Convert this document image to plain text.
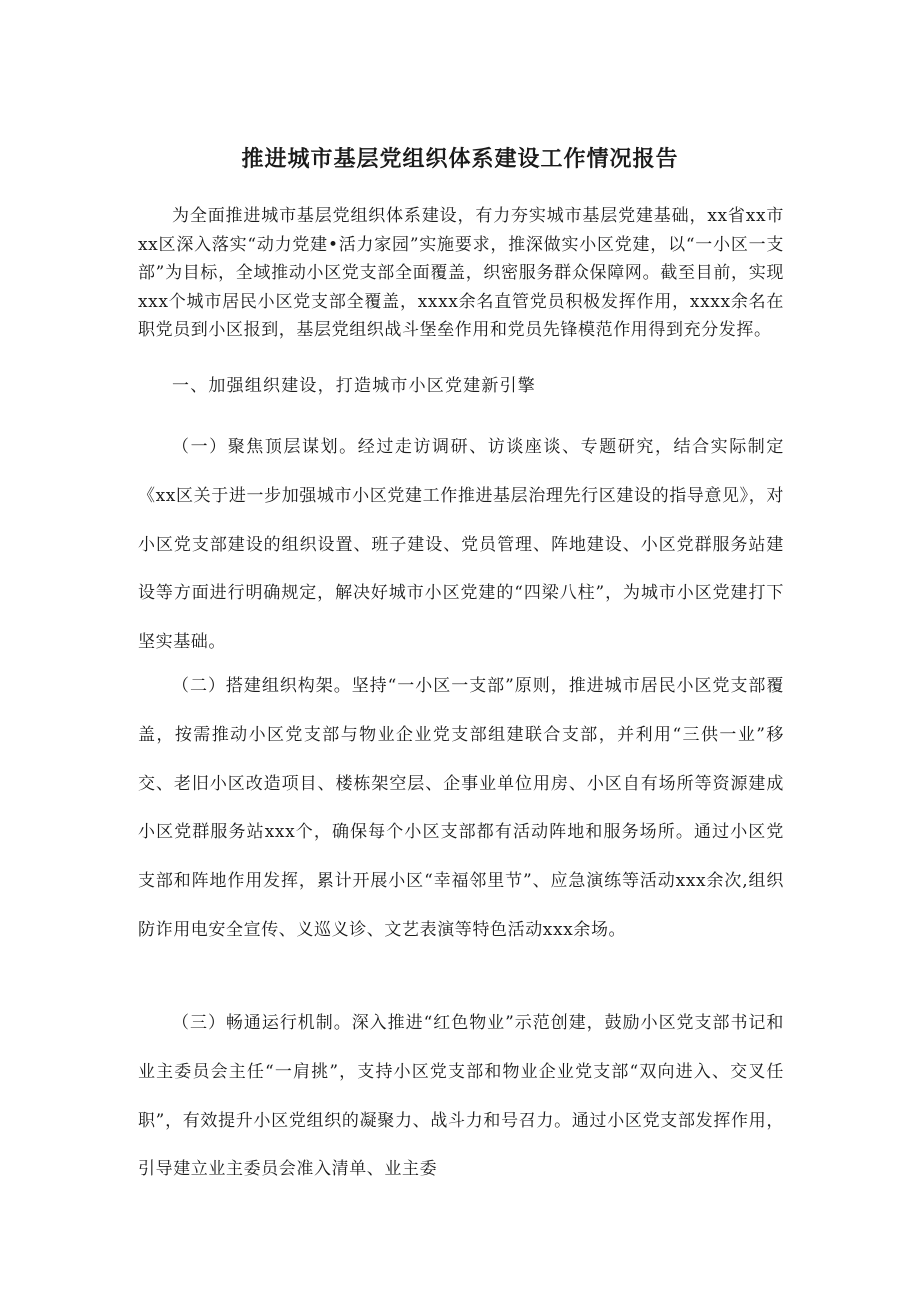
推进城市基层党组织体系建设工作情况报告

为全面推进城市基层党组织体系建设，有力夯实城市基层党建基础，xx省xx市xx区深入落实“动力党建•活力家园”实施要求，推深做实小区党建，以“一小区一支部”为目标，全域推动小区党支部全面覆盖，织密服务群众保障网。截至目前，实现xxx个城市居民小区党支部全覆盖，xxxx余名直管党员积极发挥作用，xxxx余名在职党员到小区报到，基层党组织战斗堡垒作用和党员先锋模范作用得到充分发挥。

一、加强组织建设，打造城市小区党建新引擎

（一）聚焦顶层谋划。经过走访调研、访谈座谈、专题研究，结合实际制定《xx区关于进一步加强城市小区党建工作推进基层治理先行区建设的指导意见》，对小区党支部建设的组织设置、班子建设、党员管理、阵地建设、小区党群服务站建设等方面进行明确规定，解决好城市小区党建的“四梁八柱”，为城市小区党建打下坚实基础。

（二）搭建组织构架。坚持“一小区一支部”原则，推进城市居民小区党支部覆盖，按需推动小区党支部与物业企业党支部组建联合支部，并利用“三供一业”移交、老旧小区改造项目、楼栋架空层、企事业单位用房、小区自有场所等资源建成小区党群服务站xxx个，确保每个小区支部都有活动阵地和服务场所。通过小区党支部和阵地作用发挥，累计开展小区“幸福邻里节”、应急演练等活动xxx余次,组织防诈用电安全宣传、义巡义诊、文艺表演等特色活动xxx余场。

（三）畅通运行机制。深入推进“红色物业”示范创建，鼓励小区党支部书记和业主委员会主任“一肩挑”，支持小区党支部和物业企业党支部“双向进入、交叉任职”，有效提升小区党组织的凝聚力、战斗力和号召力。通过小区党支部发挥作用，引导建立业主委员会准入清单、业主委
